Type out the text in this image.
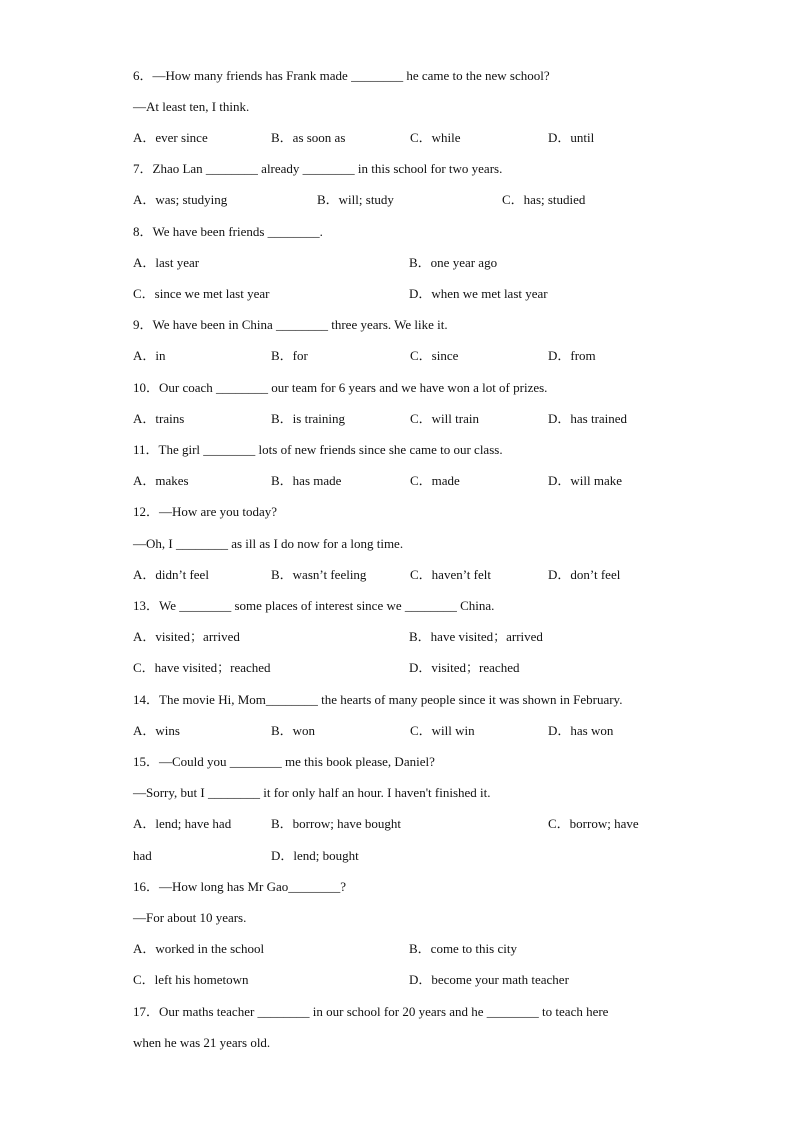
6．—How many friends has Frank made ________ he came to the new school?
—At least ten, I think.

A．ever since

	B．as soon as

	C．while

	D．until

7．Zhao Lan ________ already ________ in this school for two years.

A．was; studying

	B．will; study

	C．has; studied

8．We have been friends ________.

A．last year

	B．one year ago

C．since we met last year

	D．when we met last year

9．We have been in China ________ three years. We like it.

A．in

	B．for

	C．since

	D．from

10．Our coach ________ our team for 6 years and we have won a lot of prizes.

A．trains

	B．is training

	C．will train

	D．has trained

11．The girl ________ lots of new friends since she came to our class.

A．makes

	B．has made

	C．made

	D．will make

12．—How are you today?
—Oh, I ________ as ill as I do now for a long time.

A．didn’t feel

	B．wasn’t feeling

	C．haven’t felt

	D．don’t feel

13．We ________ some places of interest since we ________ China.

A．visited；arrived

	B．have visited；arrived

C．have visited；reached

	D．visited；reached

14．The movie Hi, Mom________ the hearts of many people since it was shown in February.

A．wins

	B．won

	C．will win

	D．has won

15．—Could you ________ me this book please, Daniel?
—Sorry, but I ________ it for only half an hour. I haven't finished it.

A．lend; have had

	B．borrow; have bought

	C．borrow; have

had

	D．lend; bought

16．—How long has Mr Gao________?
—For about 10 years.

A．worked in the school

	B．come to this city

C．left his hometown

	D．become your math teacher

17．Our maths teacher ________ in our school for 20 years and he ________ to teach here
when he was 21 years old.
